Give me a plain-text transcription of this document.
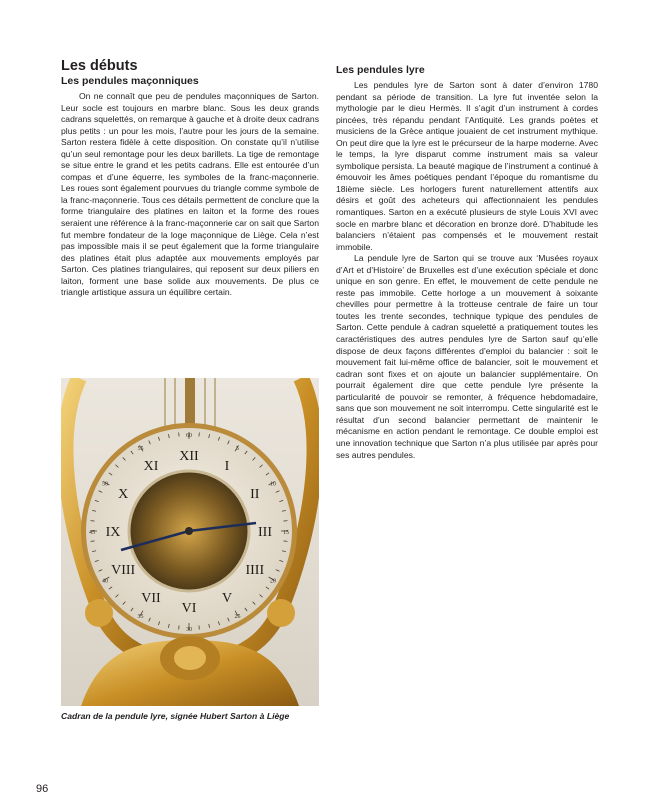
Les débuts
Les pendules maçonniques

On ne connaît que peu de pendules maçonniques de Sarton. Leur socle est toujours en marbre blanc. Sous les deux grands cadrans squelettés, on remarque à gauche et à droite deux cadrans plus petits : un pour les mois, l’autre pour les jours de la semaine. Sarton restera fidèle à cette disposition. On constate qu’il n’utilise qu’un seul remontage pour les deux barillets. La tige de remontage se situe entre le grand et les petits cadrans. Elle est entourée d’un compas et d’une équerre, les symboles de la franc-maçonnerie. Les roues sont également pourvues du triangle comme symbole de la franc-maçonnerie. Tous ces détails permettent de conclure que la forme triangulaire des platines en laiton et la forme des roues seraient une référence à la franc-maçonnerie car on sait que Sarton fut membre fondateur de la loge maçonnique de Liège. Cela n’est pas impossible mais il se peut également que la forme triangulaire des platines était plus adaptée aux mouvements employés par Sarton. Ces platines triangulaires, qui reposent sur deux piliers en laiton, forment une base solide aux mouvements. De plus ce triangle artistique assura un équilibre certain.

Les pendules lyre

Les pendules lyre de Sarton sont à dater d’environ 1780 pendant sa période de transition. La lyre fut inventée selon la mythologie par le dieu Hermès. Il s’agit d’un instrument à cordes pincées, très répandu pendant l’Antiquité. Les grands poètes et musiciens de la Grèce antique jouaient de cet instrument mythique. On peut dire que la lyre est le précurseur de la harpe moderne. Avec le temps, la lyre disparut comme instrument mais sa valeur symbolique persista. La beauté magique de l’instrument a continué à émouvoir les âmes poétiques pendant l’époque du romantisme du 18ième siècle. Les horlogers furent naturellement attentifs aux désirs et goût des acheteurs qui affectionnaient les pendules romantiques. Sarton en a exécuté plusieurs de style Louis XVI avec socle en marbre blanc et décoration en bronze doré. D’habitude les balanciers n’étaient pas compensés et le mouvement restait immobile.

La pendule lyre de Sarton qui se trouve aux ‘Musées royaux d’Art et d’Histoire’ de Bruxelles est d’une exécution spéciale et donc unique en son genre. En effet, le mouvement de cette pendule ne reste pas immobile. Cette horloge a un mouvement à soixante chevilles pour permettre à la trotteuse centrale de faire un tour toutes les trente secondes, technique typique des pendules de Sarton. Cette pendule à cadran squeletté a pratiquement toutes les caractéristiques des autres pendules lyre de Sarton sauf qu’elle dispose de deux façons différentes d’emploi du balancier : soit le mouvement fait lui-même office de balancier, soit le mouvement et cadran sont fixes et on ajoute un balancier supplémentaire. On pourrait également dire que cette pendule lyre présente la particularité de pouvoir se remonter, à fréquence hebdomadaire, sans que son mouvement ne soit interrompu. Cette singularité est le résultat d’un second balancier permettant de maintenir le mécanisme en action pendant le remontage. Ce double emploi est une innovation technique que Sarton n’a plus utilisée par après pour ses autres pendules.

XII
I
II
III
IIII
V
VI
VII
VIII
IX
X
XI
60
5
10
15
20
25
30
35
40
45
50
55
Cadran de la pendule lyre, signée Hubert Sarton à Liège
96
